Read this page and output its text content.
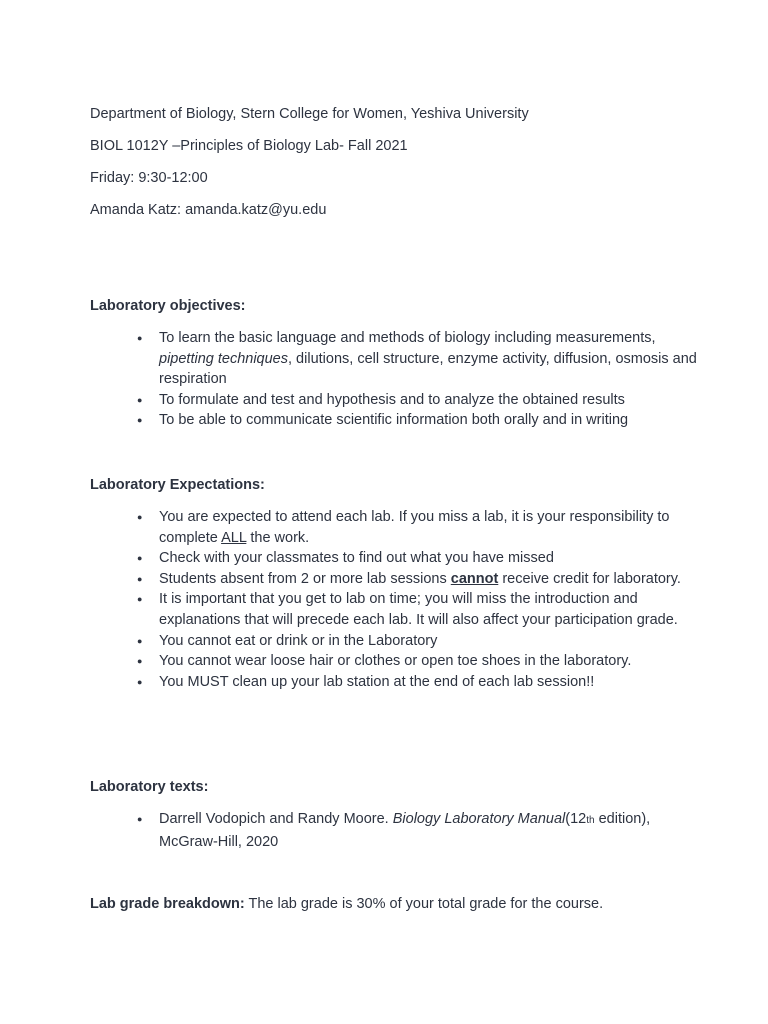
Department of Biology, Stern College for Women, Yeshiva University
BIOL 1012Y –Principles of Biology Lab- Fall 2021
Friday: 9:30-12:00
Amanda Katz: amanda.katz@yu.edu
Laboratory objectives:
● To learn the basic language and methods of biology including measurements, pipetting techniques, dilutions, cell structure, enzyme activity, diffusion, osmosis and respiration
● To formulate and test and hypothesis and to analyze the obtained results
● To be able to communicate scientific information both orally and in writing
Laboratory Expectations:
● You are expected to attend each lab. If you miss a lab, it is your responsibility to complete ALL the work.
● Check with your classmates to find out what you have missed
● Students absent from 2 or more lab sessions cannot receive credit for laboratory.
● It is important that you get to lab on time; you will miss the introduction and explanations that will precede each lab. It will also affect your participation grade.
● You cannot eat or drink or in the Laboratory
● You cannot wear loose hair or clothes or open toe shoes in the laboratory.
● You MUST clean up your lab station at the end of each lab session!!
Laboratory texts:
● Darrell Vodopich and Randy Moore. Biology Laboratory Manual(12th edition), McGraw-Hill, 2020
Lab grade breakdown: The lab grade is 30% of your total grade for the course.
